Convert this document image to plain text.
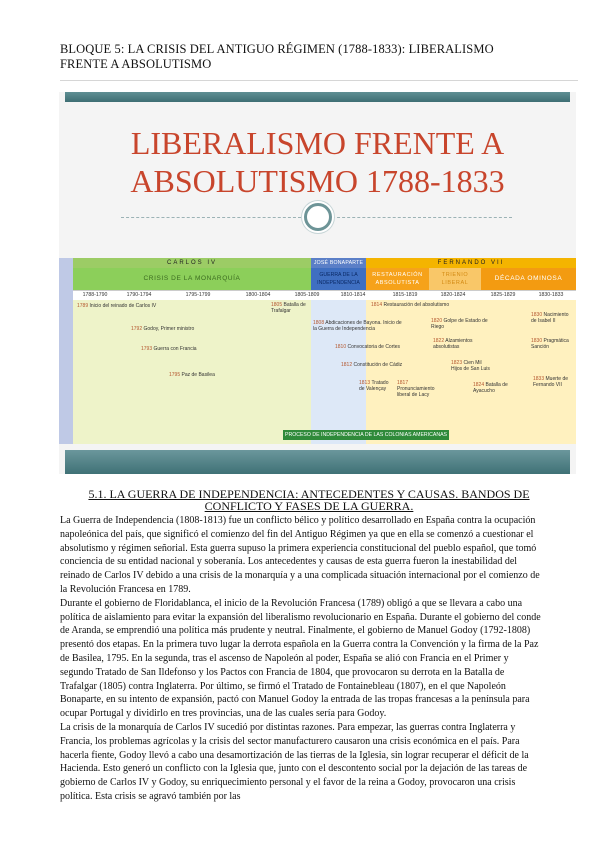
BLOQUE 5: LA CRISIS DEL ANTIGUO RÉGIMEN (1788-1833): LIBERALISMO FRENTE A ABSOLUTISMO
LIBERALISMO FRENTE A
ABSOLUTISMO 1788-1833
CARLOS IV	JOSÉ BONAPARTE	FERNANDO VII
CRISIS DE LA MONARQUÍA	GUERRA DE LA INDEPENDENCIA
RESTAURACIÓN ABSOLUTISTA
TRIENIO LIBERAL
DÉCADA OMINOSA
1788-1790	1790-1794	1795-1799	1800-1804	1805-1809	1810-1814	1815-1819	1820-1824	1825-1829	1830-1833
1789 Inicio del reinado de Carlos IV
1792 Godoy, Primer ministro
1793 Guerra con Francia
1795 Paz de Basilea
1805 Batalla de Trafalgar
1808 Abdicaciones de Bayona. Inicio de la Guerra de Independencia
1810 Convocatoria de Cortes
1812 Constitución de Cádiz
1813 Tratado de Valençay
1814 Restauración del absolutismo
1817 Pronunciamiento liberal de Lacy
1820 Golpe de Estado de Riego
1822 Alzamientos absolutistas
1823 Cien Mil Hijos de San Luis
1824 Batalla de Ayacucho
1830 Nacimiento de Isabel II
1830 Pragmática Sanción
1833 Muerte de Fernando VII
PROCESO DE INDEPENDENCIA DE LAS COLONIAS AMERICANAS
5.1. LA GUERRA DE INDEPENDENCIA: ANTECEDENTES Y CAUSAS. BANDOS DE CONFLICTO Y FASES DE LA GUERRA.

La Guerra de Independencia (1808-1813) fue un conflicto bélico y político desarrollado en España contra la ocupación napoleónica del país, que significó el comienzo del fin del Antiguo Régimen ya que en ella se comenzó a cuestionar el absolutismo y régimen señorial. Esta guerra supuso la primera experiencia constitucional del pueblo español, que tomó conciencia de su entidad nacional y soberanía. Los antecedentes y causas de esta guerra fueron la inestabilidad del reinado de Carlos IV debido a una crisis de la monarquía y a una complicada situación internacional por el comienzo de la Revolución Francesa en 1789.

Durante el gobierno de Floridablanca, el inicio de la Revolución Francesa (1789) obligó a que se llevara a cabo una política de aislamiento para evitar la expansión del liberalismo revolucionario en España. Durante el gobierno del conde de Aranda, se emprendió una política más prudente y neutral. Finalmente, el gobierno de Manuel Godoy (1792-1808) presentó dos etapas. En la primera tuvo lugar la derrota española en la Guerra contra la Convención y la firma de la Paz de Basilea, 1795. En la segunda, tras el ascenso de Napoleón al poder, España se alió con Francia en el Primer y segundo Tratado de San Ildefonso y los Pactos con Francia de 1804, que provocaron su derrota en la Batalla de Trafalgar (1805) contra Inglaterra. Por último, se firmó el Tratado de Fontainebleau (1807), en el que Napoleón Bonaparte, en su intento de expansión, pactó con Manuel Godoy la entrada de las tropas francesas a la península para ocupar Portugal y dividirlo en tres provincias, una de las cuales sería para Godoy.

La crisis de la monarquía de Carlos IV sucedió por distintas razones. Para empezar, las guerras contra Inglaterra y Francia, los problemas agrícolas y la crisis del sector manufacturero causaron una crisis económica en el país. Para hacerla fiente, Godoy llevó a cabo una desamortización de las tierras de la Iglesia, sin lograr recuperar el déficit de la Hacienda. Esto generó un conflicto con la Iglesia que, junto con el descontento social por la dejación de las tareas de gobierno de Carlos IV y Godoy, su enriquecimiento personal y el favor de la reina a Godoy, provocaron una crisis política. Esta crisis se agravó también por las
